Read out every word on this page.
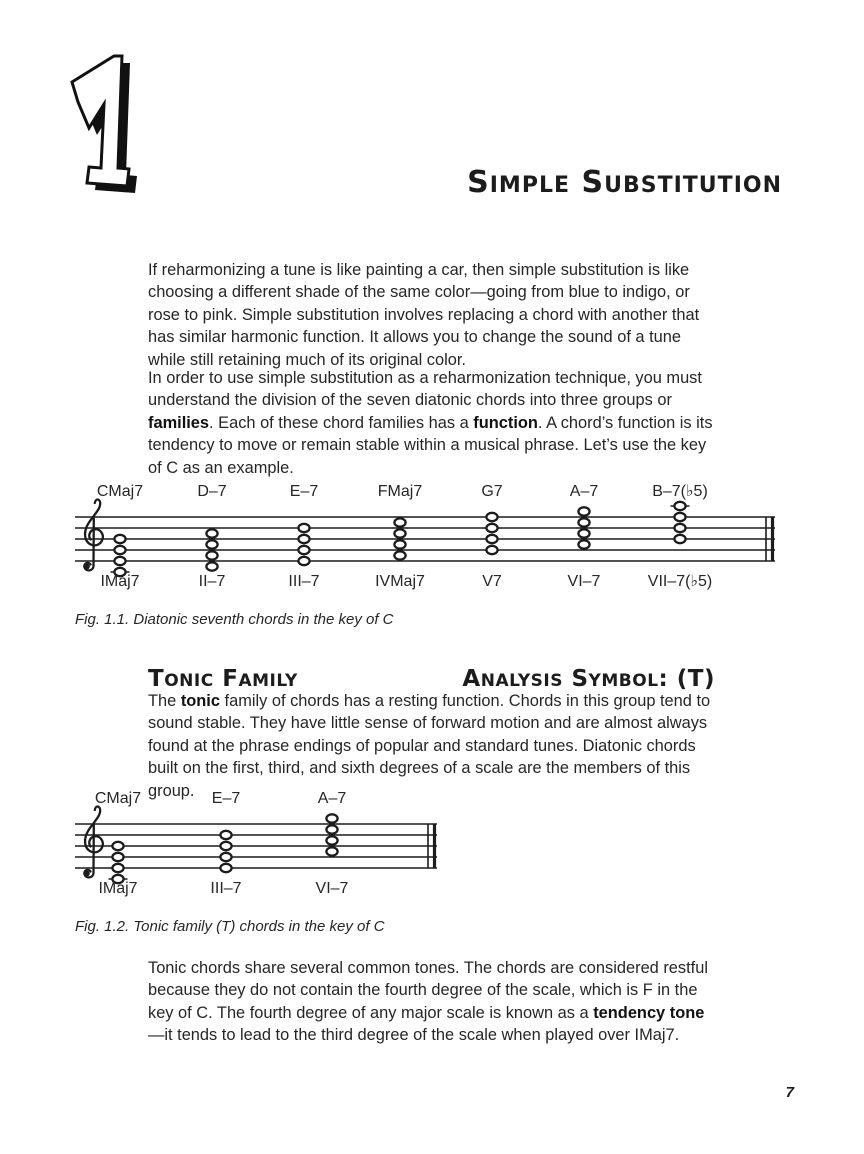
SIMPLE SUBSTITUTION

If reharmonizing a tune is like painting a car, then simple substitution is like choosing a different shade of the same color—going from blue to indigo, or rose to pink. Simple substitution involves replacing a chord with another that has similar harmonic function. It allows you to change the sound of a tune while still retaining much of its original color.

In order to use simple substitution as a reharmonization technique, you must understand the division of the seven diatonic chords into three groups or families. Each of these chord families has a function. A chord’s function is its tendency to move or remain stable within a musical phrase. Let’s use the key of C as an example.

CMaj7
IMaj7
D–7
II–7
E–7
III–7
FMaj7
IVMaj7
G7
V7
A–7
VI–7
B–7(♭5)
VII–7(♭5)
Fig. 1.1. Diatonic seventh chords in the key of C
TONIC FAMILY	ANALYSIS SYMBOL: (T)

The tonic family of chords has a resting function. Chords in this group tend to sound stable. They have little sense of forward motion and are almost always found at the phrase endings of popular and standard tunes. Diatonic chords built on the first, third, and sixth degrees of a scale are the members of this group.

CMaj7
IMaj7
E–7
III–7
A–7
VI–7
Fig. 1.2. Tonic family (T) chords in the key of C

Tonic chords share several common tones. The chords are considered restful because they do not contain the fourth degree of the scale, which is F in the key of C. The fourth degree of any major scale is known as a tendency tone—it tends to lead to the third degree of the scale when played over IMaj7.

7
